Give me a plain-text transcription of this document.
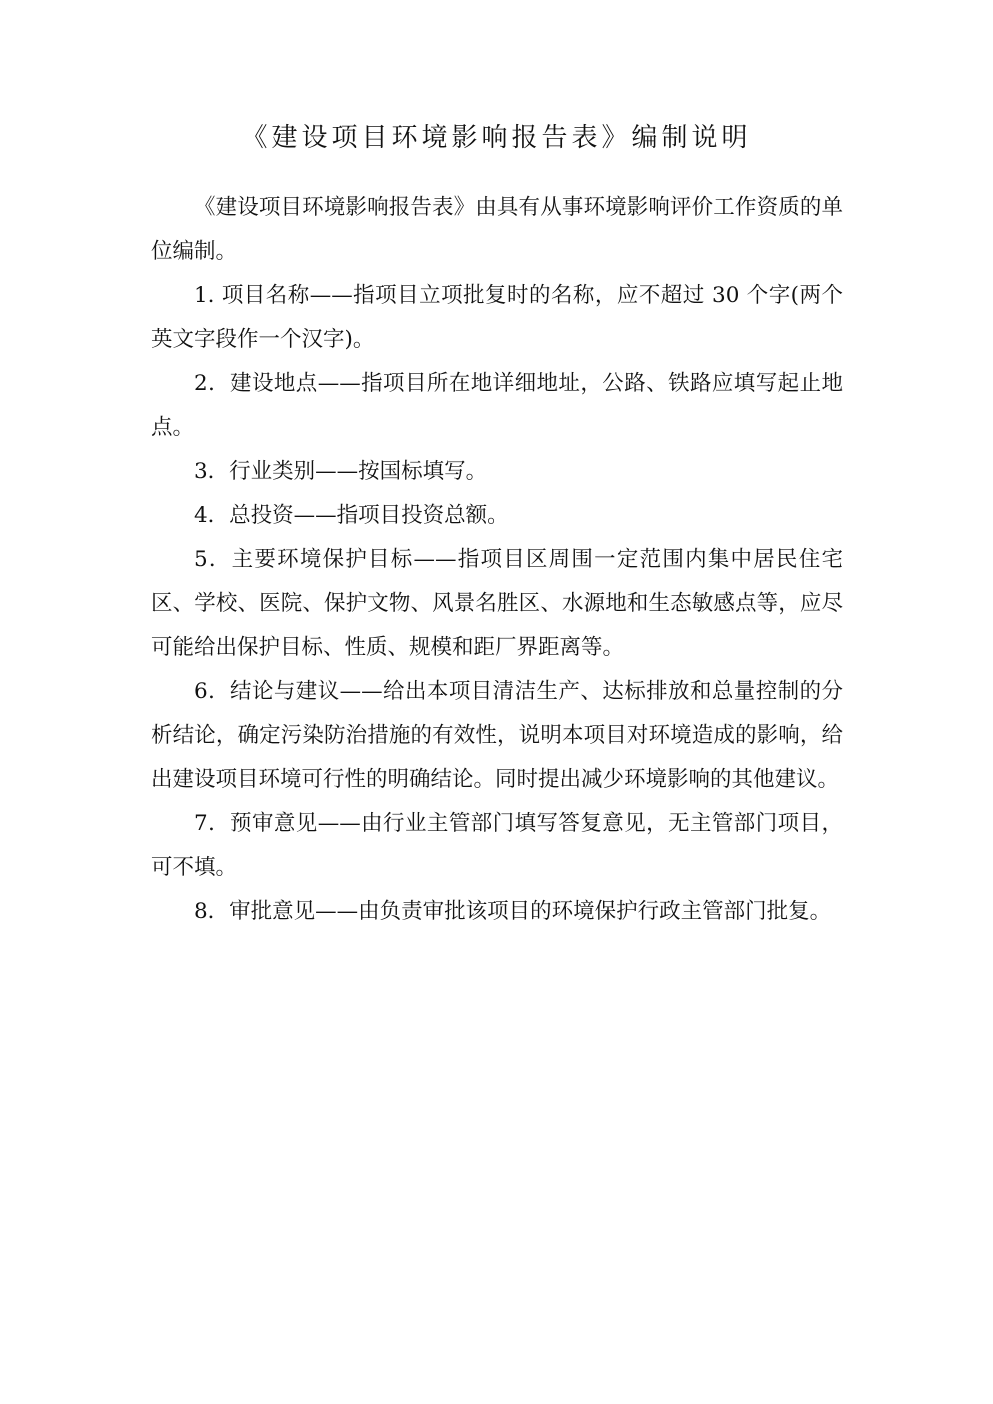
《建设项目环境影响报告表》编制说明

《建设项目环境影响报告表》由具有从事环境影响评价工作资质的单位编制。

1. 项目名称——指项目立项批复时的名称，应不超过 30 个字(两个英文字段作一个汉字)。

2．建设地点——指项目所在地详细地址，公路、铁路应填写起止地点。

3．行业类别——按国标填写。

4．总投资——指项目投资总额。

5．主要环境保护目标——指项目区周围一定范围内集中居民住宅区、学校、医院、保护文物、风景名胜区、水源地和生态敏感点等，应尽可能给出保护目标、性质、规模和距厂界距离等。

6．结论与建议——给出本项目清洁生产、达标排放和总量控制的分析结论，确定污染防治措施的有效性，说明本项目对环境造成的影响，给出建设项目环境可行性的明确结论。同时提出减少环境影响的其他建议。

7．预审意见——由行业主管部门填写答复意见，无主管部门项目，可不填。

8．审批意见——由负责审批该项目的环境保护行政主管部门批复。
